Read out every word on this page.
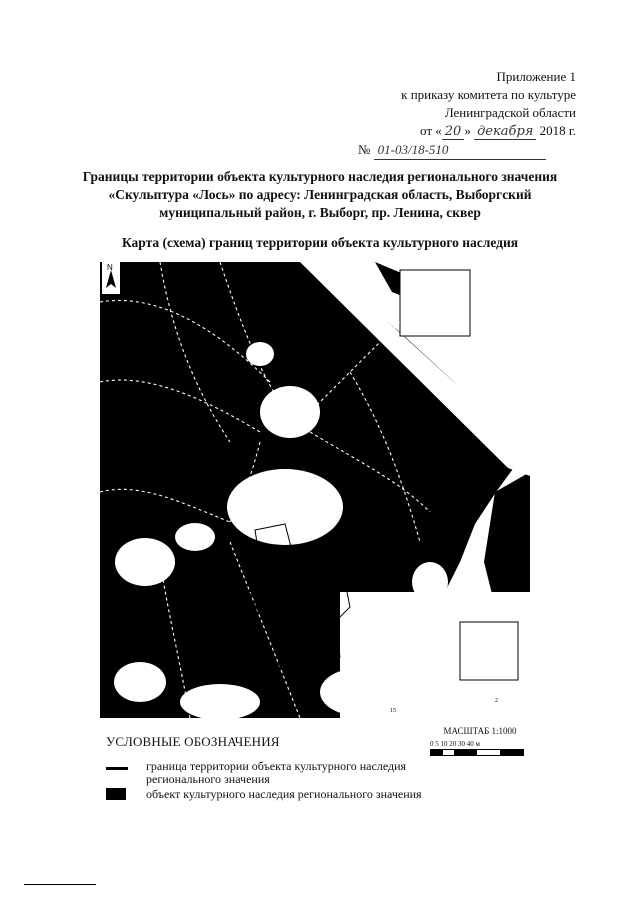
Приложение 1
к приказу комитета по культуре
Ленинградской области
от « 20 » декабря 2018 г.
№ 01-03/18-510
Границы территории объекта культурного наследия регионального значения
«Скульптура «Лось» по адресу: Ленинградская область, Выборгский
муниципальный район, г. Выборг, пр. Ленина, сквер
Карта (схема) границ территории объекта культурного наследия
N
4
15
2
УСЛОВНЫЕ ОБОЗНАЧЕНИЯ
МАСШТАБ 1:1000
0 5 10 20 30 40 м
граница территории объекта культурного наследия
регионального значения
объект культурного наследия регионального значения
